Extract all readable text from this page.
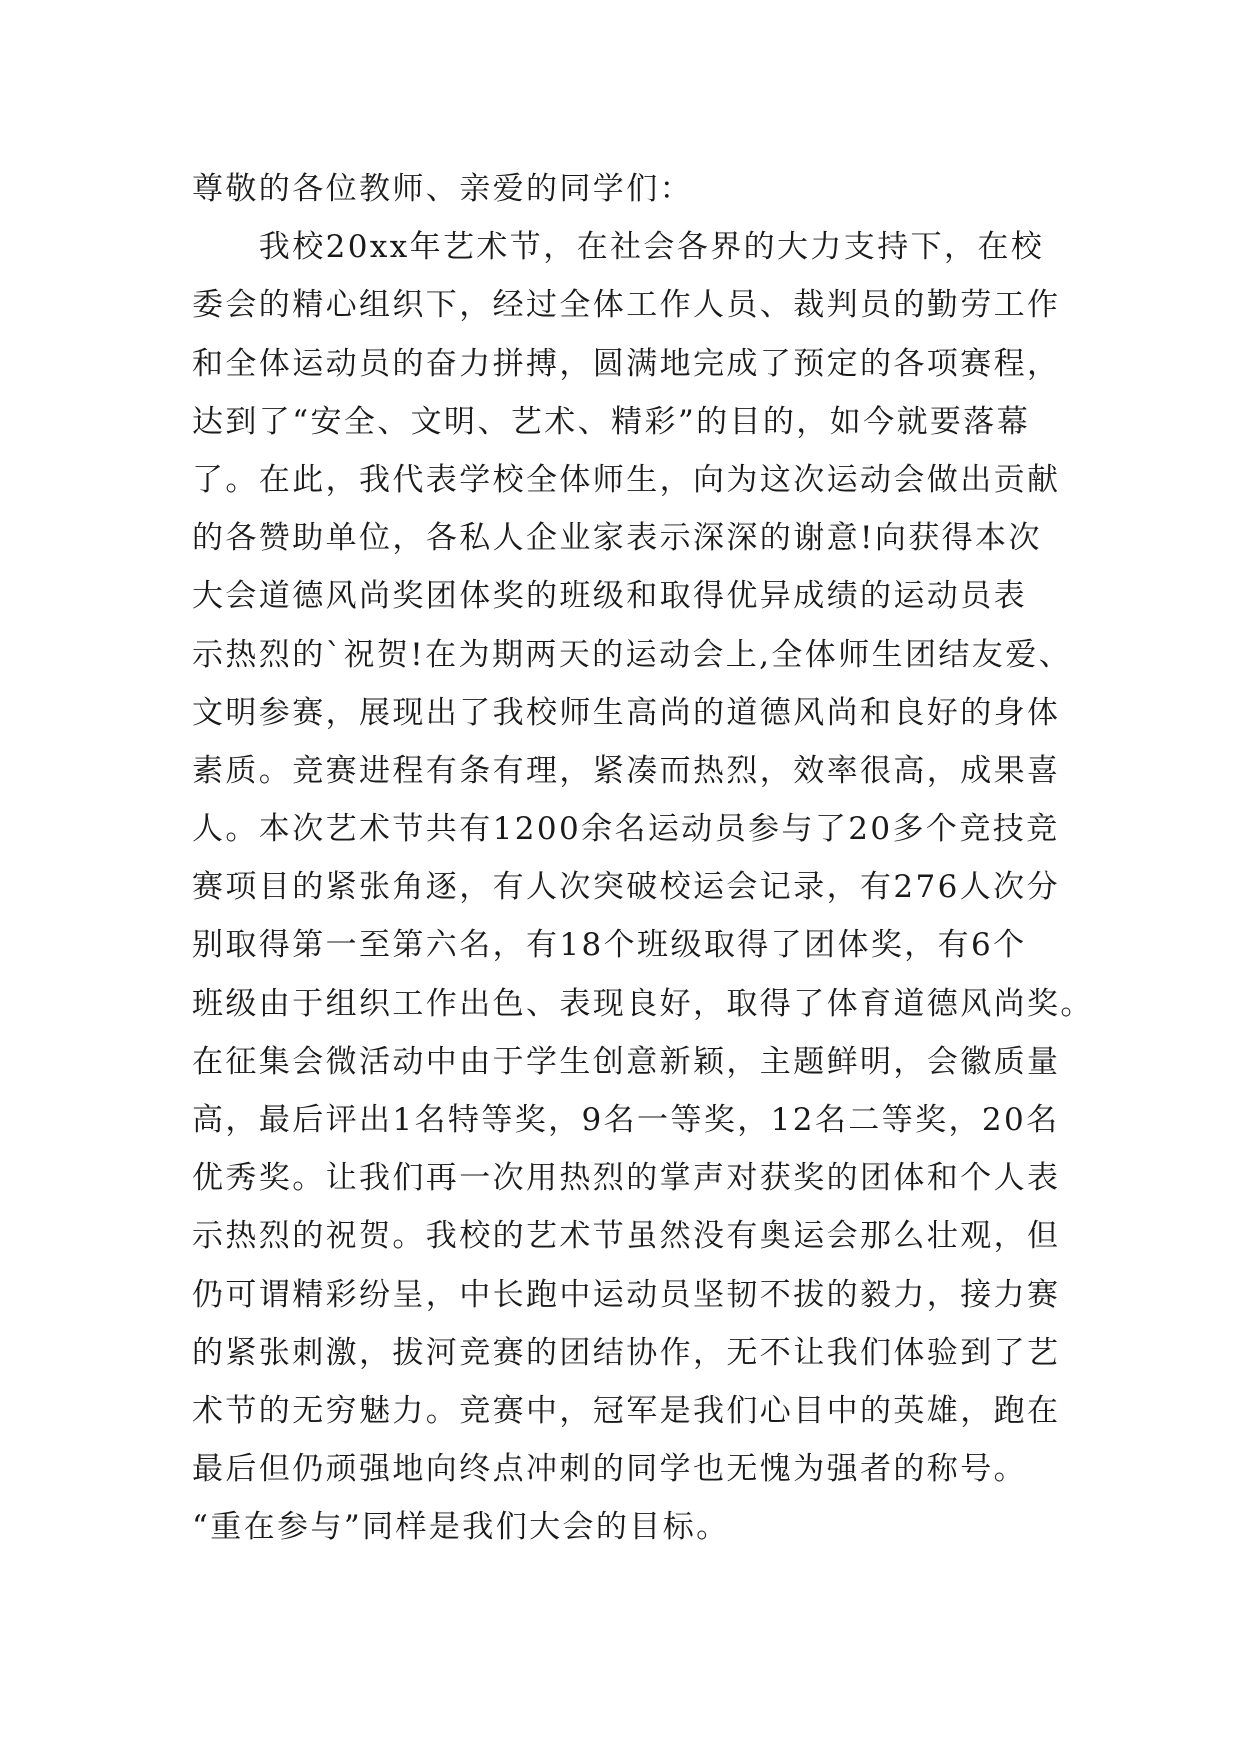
尊敬的各位教师、亲爱的同学们：
　　我校20xx年艺术节，在社会各界的大力支持下，在校
委会的精心组织下，经过全体工作人员、裁判员的勤劳工作
和全体运动员的奋力拼搏，圆满地完成了预定的各项赛程，
达到了“安全、文明、艺术、精彩”的目的，如今就要落幕
了。在此，我代表学校全体师生，向为这次运动会做出贡献
的各赞助单位，各私人企业家表示深深的谢意!向获得本次
大会道德风尚奖团体奖的班级和取得优异成绩的运动员表
示热烈的`祝贺!在为期两天的运动会上,全体师生团结友爱、
文明参赛，展现出了我校师生高尚的道德风尚和良好的身体
素质。竞赛进程有条有理，紧凑而热烈，效率很高，成果喜
人。本次艺术节共有1200余名运动员参与了20多个竞技竞
赛项目的紧张角逐，有人次突破校运会记录，有276人次分
别取得第一至第六名，有18个班级取得了团体奖，有6个
班级由于组织工作出色、表现良好，取得了体育道德风尚奖。
在征集会微活动中由于学生创意新颖，主题鲜明，会徽质量
高，最后评出1名特等奖，9名一等奖，12名二等奖，20名
优秀奖。让我们再一次用热烈的掌声对获奖的团体和个人表
示热烈的祝贺。我校的艺术节虽然没有奥运会那么壮观，但
仍可谓精彩纷呈，中长跑中运动员坚韧不拔的毅力，接力赛
的紧张刺激，拔河竞赛的团结协作，无不让我们体验到了艺
术节的无穷魅力。竞赛中，冠军是我们心目中的英雄，跑在
最后但仍顽强地向终点冲刺的同学也无愧为强者的称号。
“重在参与”同样是我们大会的目标。
